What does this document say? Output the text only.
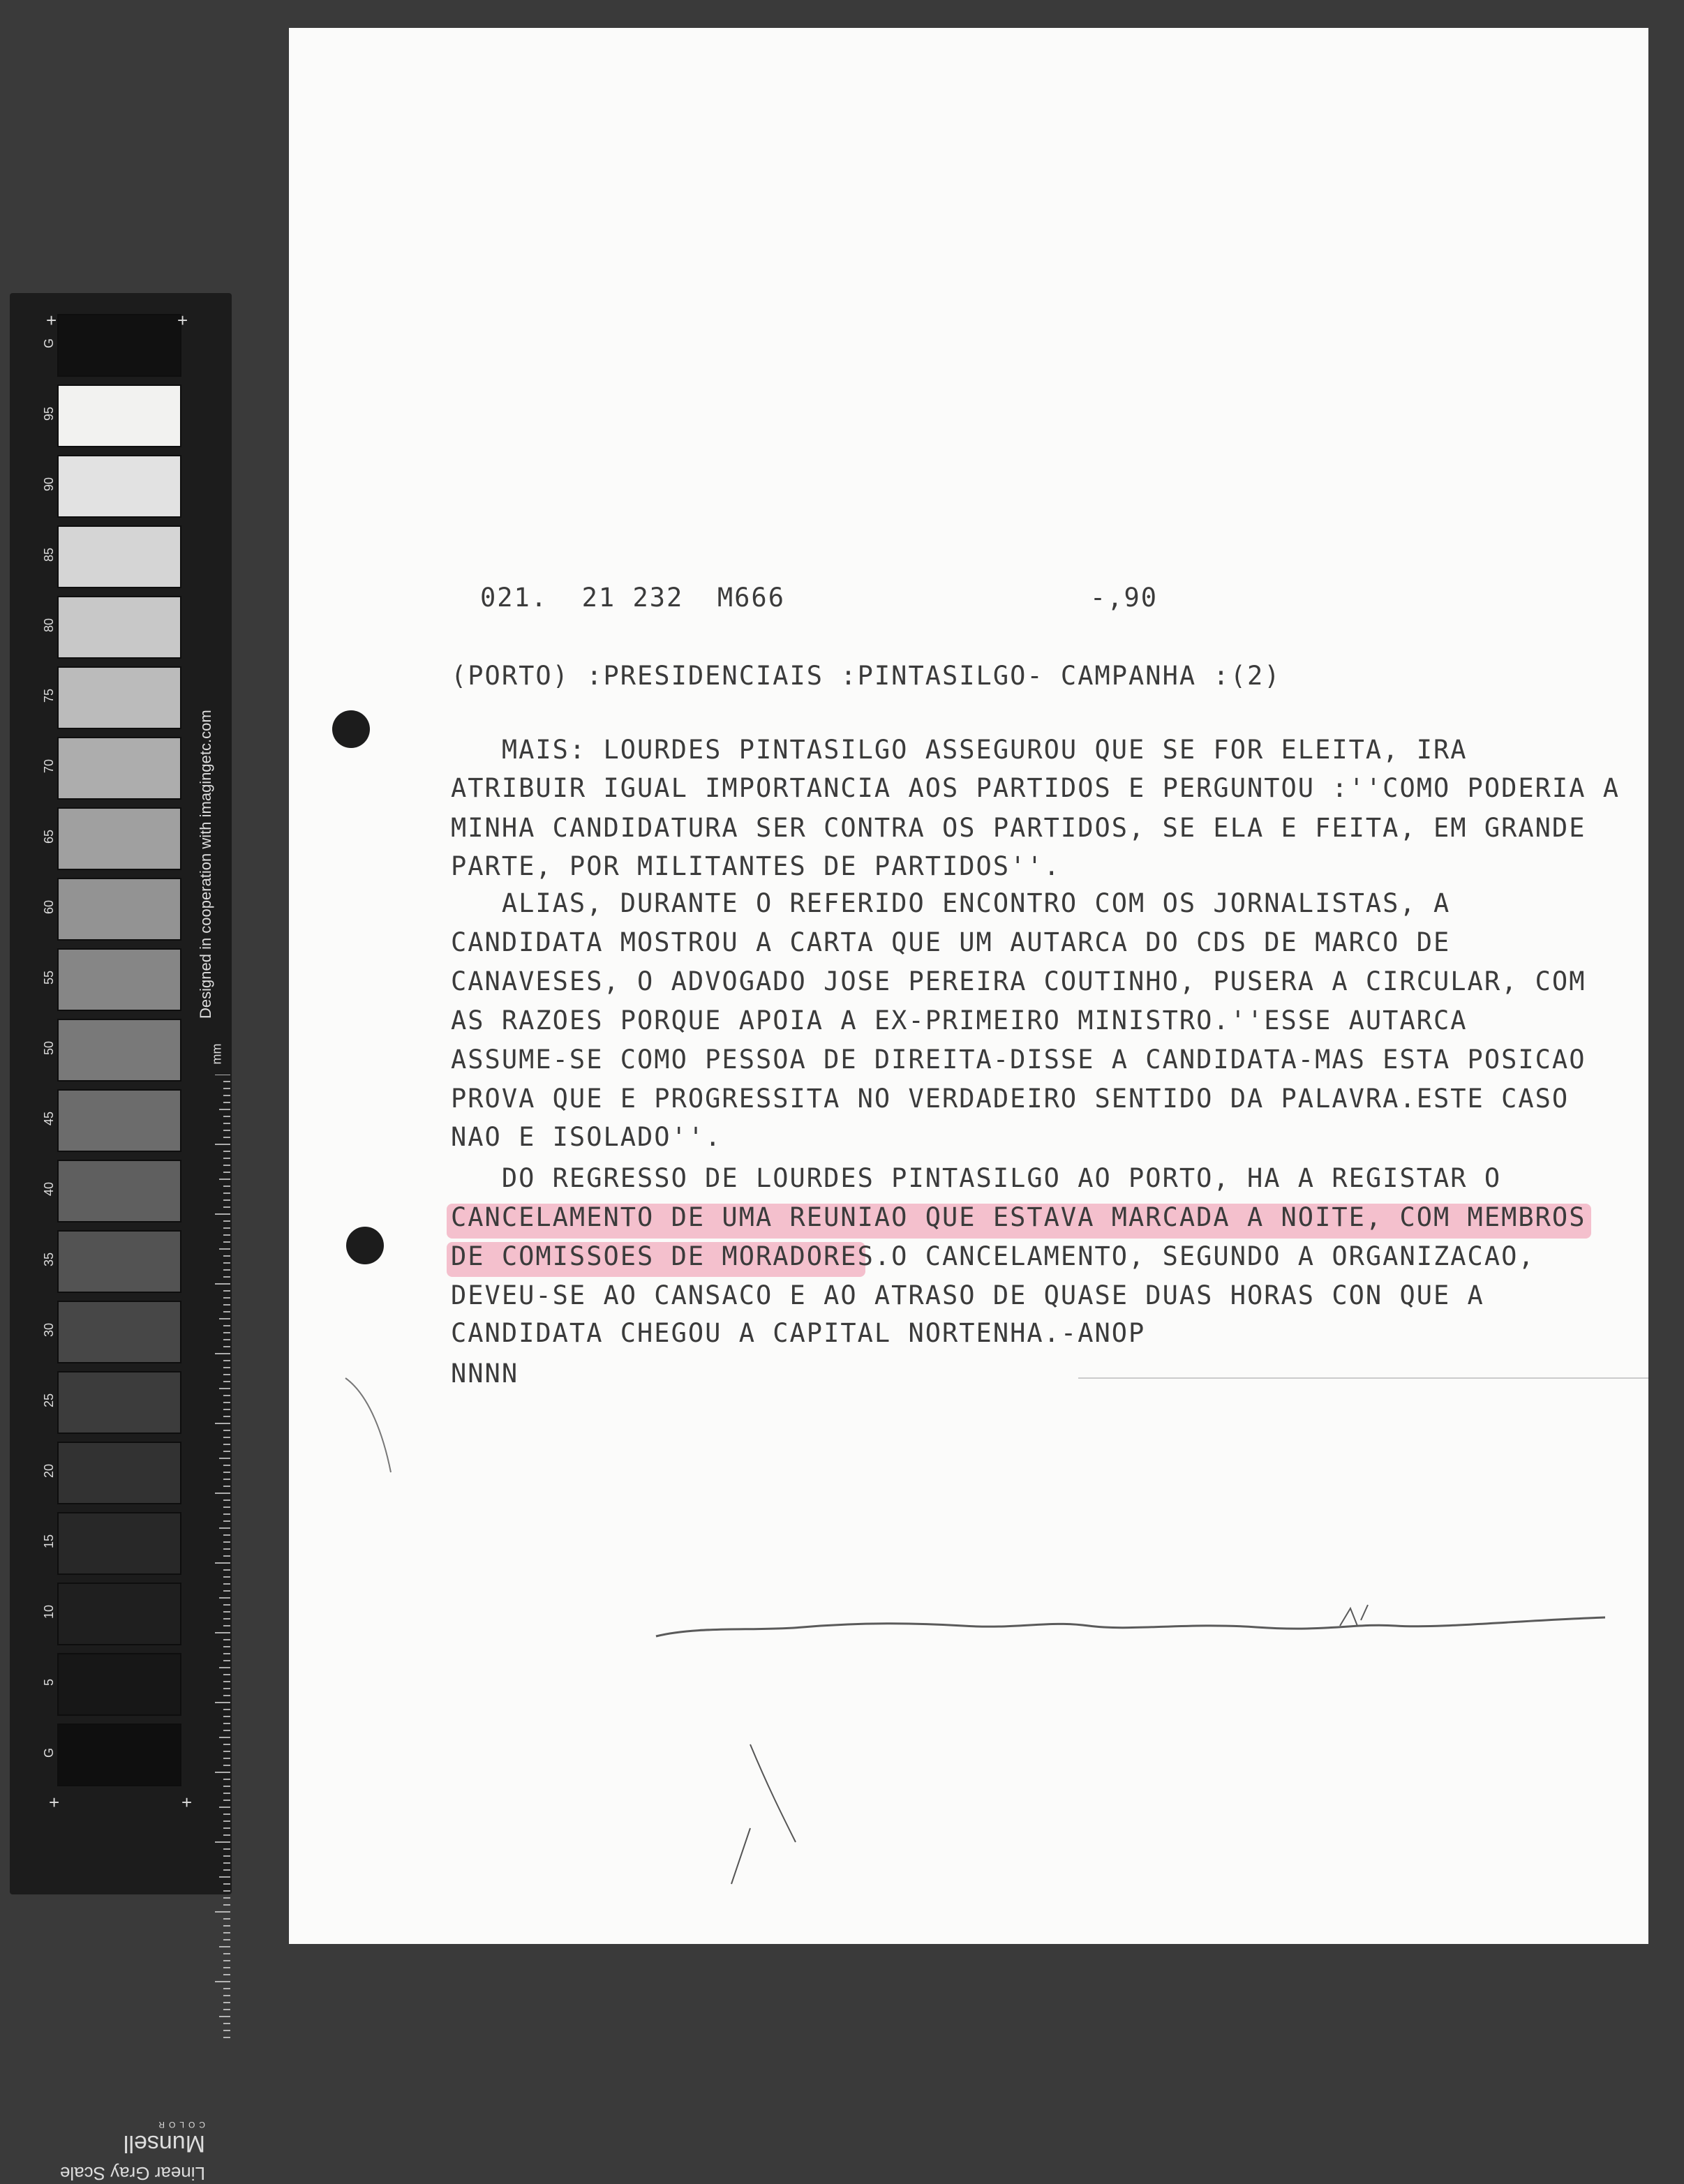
G
95
90
85
80
75
70
65
60
55
50
45
40
35
30
25
20
15
10
5
G
+	+
+	+
Designed in cooperation with imagingetc.com
mm
Linear Gray Scale
Munsell
COLOR
021.  21 232  M666                  -,90
(PORTO) :PRESIDENCIAIS :PINTASILGO- CAMPANHA :(2)
MAIS: LOURDES PINTASILGO ASSEGUROU QUE SE FOR ELEITA, IRA
ATRIBUIR IGUAL IMPORTANCIA AOS PARTIDOS E PERGUNTOU :''COMO PODERIA A
MINHA CANDIDATURA SER CONTRA OS PARTIDOS, SE ELA E FEITA, EM GRANDE
PARTE, POR MILITANTES DE PARTIDOS''.
ALIAS, DURANTE O REFERIDO ENCONTRO COM OS JORNALISTAS, A
CANDIDATA MOSTROU A CARTA QUE UM AUTARCA DO CDS DE MARCO DE
CANAVESES, O ADVOGADO JOSE PEREIRA COUTINHO, PUSERA A CIRCULAR, COM
AS RAZOES PORQUE APOIA A EX-PRIMEIRO MINISTRO.''ESSE AUTARCA
ASSUME-SE COMO PESSOA DE DIREITA-DISSE A CANDIDATA-MAS ESTA POSICAO
PROVA QUE E PROGRESSITA NO VERDADEIRO SENTIDO DA PALAVRA.ESTE CASO
NAO E ISOLADO''.
DO REGRESSO DE LOURDES PINTASILGO AO PORTO, HA A REGISTAR O
CANCELAMENTO DE UMA REUNIAO QUE ESTAVA MARCADA A NOITE, COM MEMBROS
DE COMISSOES DE MORADORES.O CANCELAMENTO, SEGUNDO A ORGANIZACAO,
DEVEU-SE AO CANSACO E AO ATRASO DE QUASE DUAS HORAS CON QUE A
CANDIDATA CHEGOU A CAPITAL NORTENHA.-ANOP
NNNN
